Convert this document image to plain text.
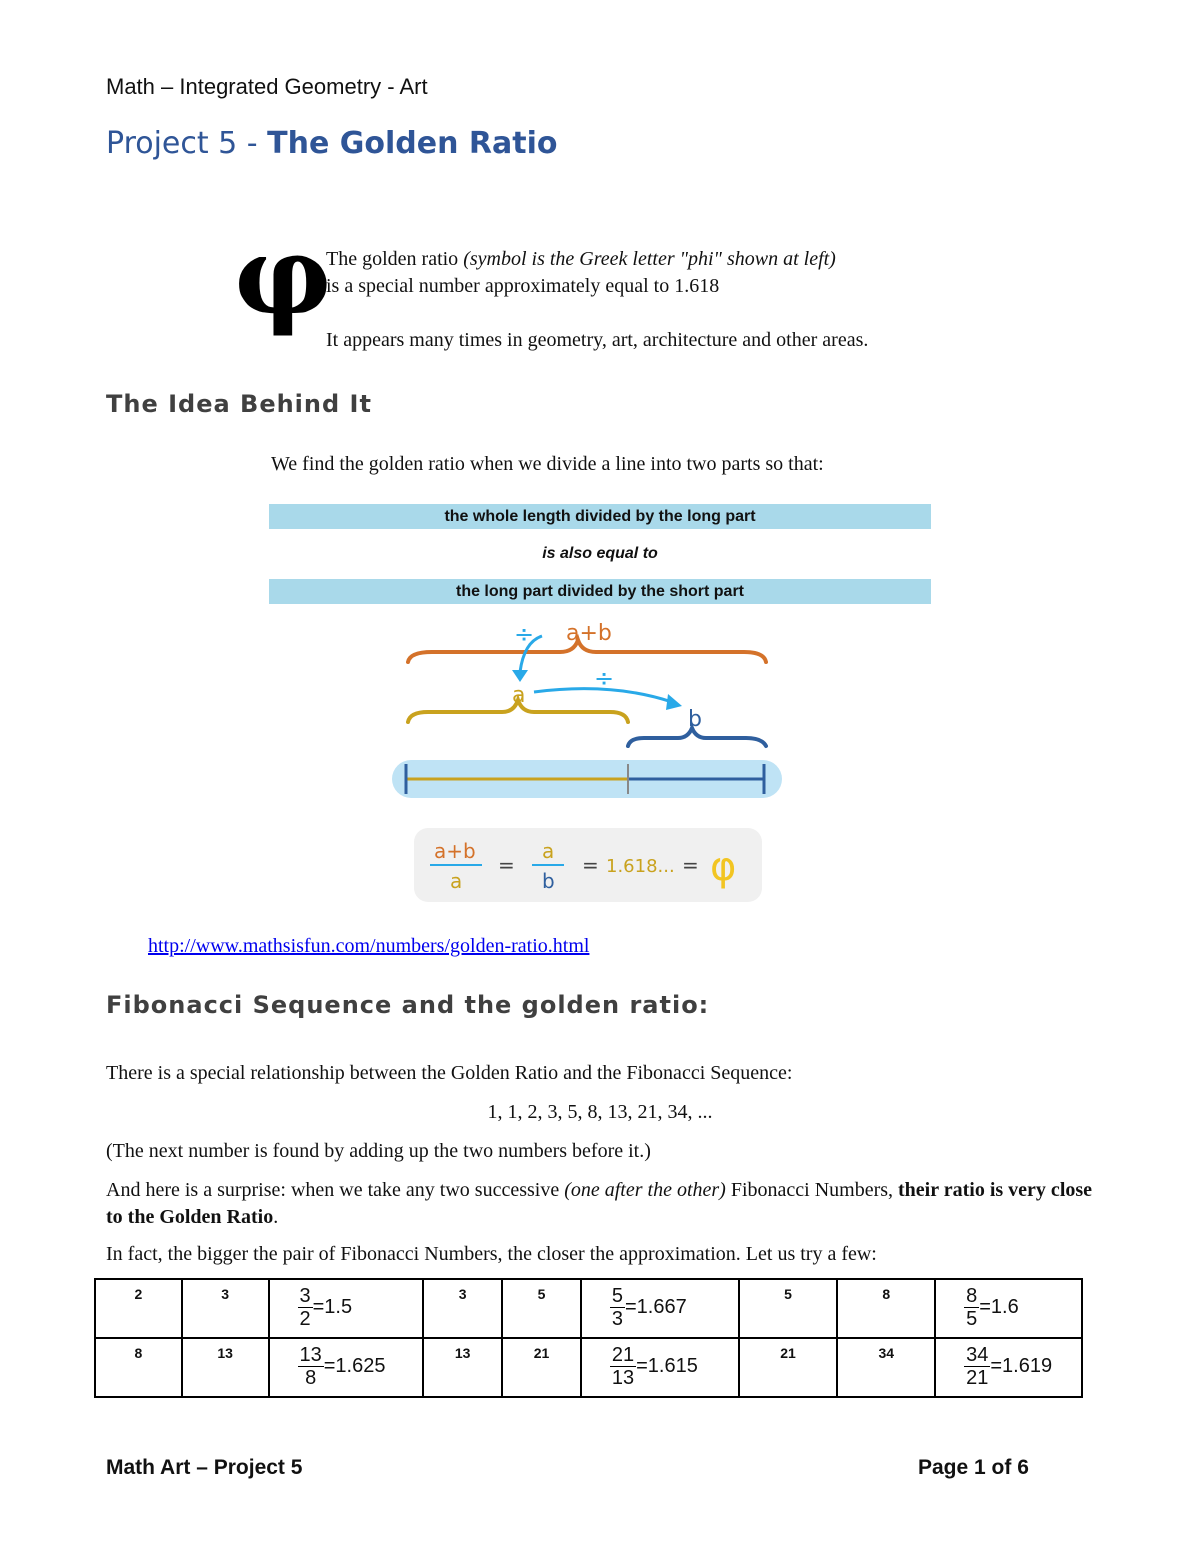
Math – Integrated Geometry - Art
Project 5 - The Golden Ratio
φ
The golden ratio (symbol is the Greek letter "phi" shown at left)
is a special number approximately equal to 1.618
It appears many times in geometry, art, architecture and other areas.
The Idea Behind It
We find the golden ratio when we divide a line into two parts so that:
the whole length divided by the long part
is also equal to
the long part divided by the short part
÷ a+b
a
÷
b
a+b
a
=
a
b
= 1.618... = φ
http://www.mathsisfun.com/numbers/golden-ratio.html
Fibonacci Sequence and the golden ratio:
There is a special relationship between the Golden Ratio and the Fibonacci Sequence:
1, 1, 2, 3, 5, 8, 13, 21, 34, ...
(The next number is found by adding up the two numbers before it.)
And here is a surprise: when we take any two successive (one after the other) Fibonacci Numbers, their ratio is very close to the Golden Ratio.
In fact, the bigger the pair of Fibonacci Numbers, the closer the approximation. Let us try a few:
2	3	$\frac{3}{2} =1.5$	3	5	$\frac{5}{3} =1.667$	5	8	$\frac{8}{5} =1.6$
8	13	$\frac{13}{8} =1.625$	13	21	$\frac{21}{13} =1.615$	21	34	$\frac{34}{21} =1.619$
Math Art – Project 5	Page 1 of 6
